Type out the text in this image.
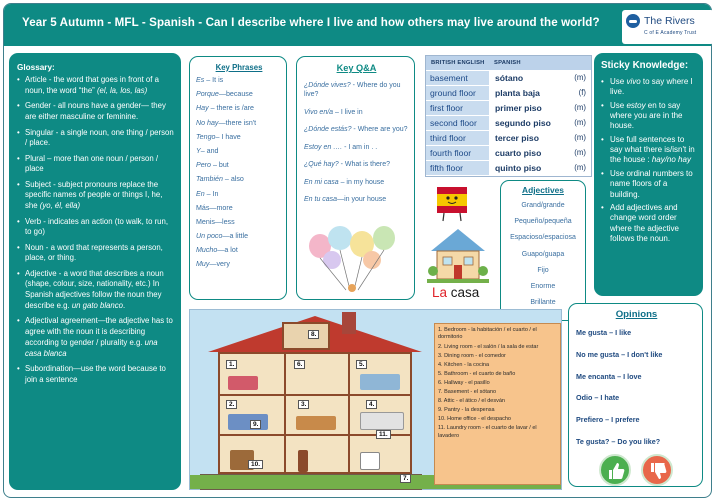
Year 5 Autumn - MFL - Spanish - Can I describe where I live and how others may live around the world?	The Rivers
C of E Academy Trust
Glossary:
• Article - the word that goes in front of a noun, the word “the” (el, la, los, las)
• Gender - all nouns have a gender— they are either masculine or feminine.
• Singular - a single noun, one thing / person / place.
• Plural – more than one noun / person / place
• Subject - subject pronouns replace the specific names of people or things I, he, she (yo, él, ella)
• Verb - indicates an action (to walk, to run, to go)
• Noun - a word that represents a person, place, or thing.
• Adjective - a word that describes a noun (shape, colour, size, nationality, etc.) In Spanish adjectives follow the noun they describe e.g. un gato blanco.
• Adjectival agreement—the adjective has to agree with the noun it is describing according to gender / plurality e.g. una casa blanca
• Subordination—use the word because to join a sentence
Key Phrases
Es – It is
Porque—because
Hay – there is /are
No hay—there isn't
Tengo– I have
Y– and
Pero – but
También – also
En – In
Más—more
Menis—less
Un poco—a little
Mucho—a lot
Muy—very
Key Q&A
¿Dónde vives? - Where do you live?
Vivo en/a – I live in
¿Dónde estás? - Where are you?
Estoy en …. - I am in . .
¿Qué hay? - What is there?
En mi casa – in my house
En tu casa—in your house
BRITISH ENGLISH	SPANISH	
basement	sótano	(m)
ground floor	planta baja	(f)
first floor	primer piso	(m)
second floor	segundo piso	(m)
third floor	tercer piso	(m)
fourth floor	cuarto piso	(m)
fifth floor	quinto piso	(m)
Sticky Knowledge:
• Use vivo to say where I live.
• Use estoy en to say where you are in the house.
• Use full sentences to say what there is/isn't in the house : hay/no hay
• Use ordinal numbers to name floors of a building.
• Add adjectives and change word order where the adjective follows the noun.
La casa
Adjectives
Grand/grande
Pequeño/pequeña
Espacioso/espaciosa
Guapo/guapa
Fijo
Enorme
Brillante
8.
1.	6.	5.
2.	3.	4.
9.
10.
11.
7.
1. Bedroom - la habitación / el cuarto / el dormitorio
2. Living room - el salón / la sala de estar
3. Dining room - el comedor
4. Kitchen - la cocina
5. Bathroom - el cuarto de baño
6. Hallway - el pasillo
7. Basement - el sótano
8. Attic - el ático / el desván
9. Pantry - la despensa
10. Home office - el despacho
11. Laundry room - el cuarto de lavar / el lavadero
Opinions
Me gusta – I like
No me gusta – I don't like
Me encanta – I love
Odio – I hate
Prefiero – I prefere
Te gusta? – Do you like?
